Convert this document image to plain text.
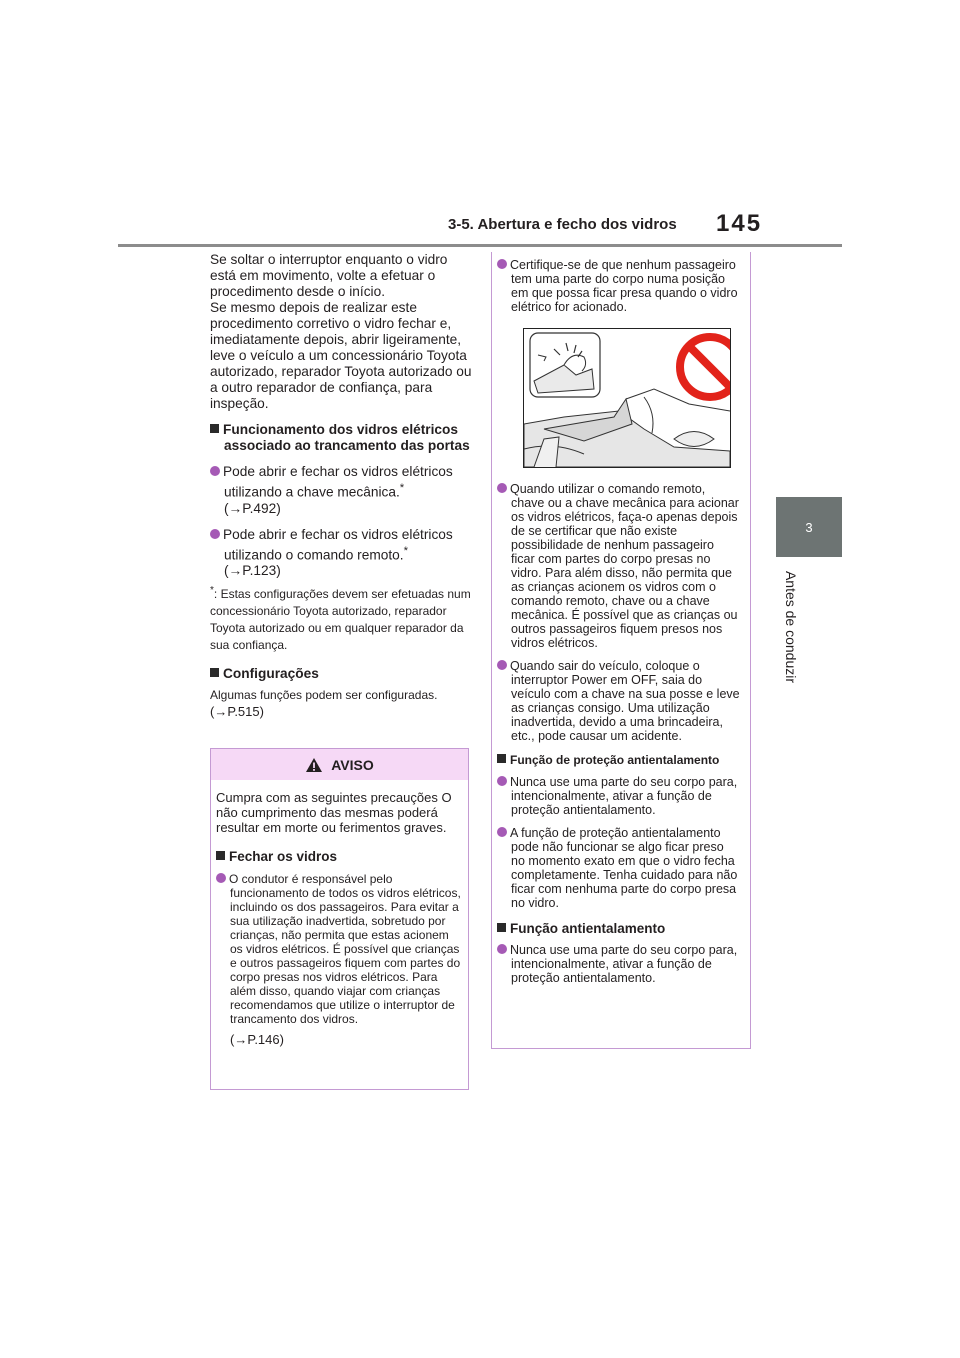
3-5. Abertura e fecho dos vidros 145
3
Antes de conduzir

Se soltar o interruptor enquanto o vidro está em movimento, volte a efetuar o procedimento desde o início.

Se mesmo depois de realizar este procedimento corretivo o vidro fechar e, imediatamente depois, abrir ligeiramente, leve o veículo a um concessionário Toyota autorizado, reparador Toyota autorizado ou a outro reparador de confiança, para inspeção.

Funcionamento dos vidros elétricos associado ao trancamento das portas

Pode abrir e fechar os vidros elétricos utilizando a chave mecânica.*
(→P.492)

Pode abrir e fechar os vidros elétricos utilizando o comando remoto.*
(→P.123)

*: Estas configurações devem ser efetuadas num concessionário Toyota autorizado, reparador Toyota autorizado ou em qualquer reparador da sua confiança.

Configurações

Algumas funções podem ser configuradas.

(→P.515)

AVISO

Cumpra com as seguintes precauções O não cumprimento das mesmas poderá resultar em morte ou ferimentos graves.

Fechar os vidros

O condutor é responsável pelo funcionamento de todos os vidros elétricos, incluindo os dos passageiros. Para evitar a sua utilização inadvertida, sobretudo por crianças, não permita que estas acionem os vidros elétricos. É possível que crianças e outros passageiros fiquem com partes do corpo presas nos vidros elétricos. Para além disso, quando viajar com crianças recomendamos que utilize o interruptor de trancamento dos vidros.

(→P.146)

Certifique-se de que nenhum passageiro tem uma parte do corpo numa posição em que possa ficar presa quando o vidro elétrico for acionado.

Quando utilizar o comando remoto, chave ou a chave mecânica para acionar os vidros elétricos, faça-o apenas depois de se certificar que não existe possibilidade de nenhum passageiro ficar com partes do corpo presas no vidro. Para além disso, não permita que as crianças acionem os vidros com o comando remoto, chave ou a chave mecânica. É possível que as crianças ou outros passageiros fiquem presos nos vidros elétricos.

Quando sair do veículo, coloque o interruptor Power em OFF, saia do veículo com a chave na sua posse e leve as crianças consigo. Uma utilização inadvertida, devido a uma brincadeira, etc., pode causar um acidente.

Função de proteção antientalamento

Nunca use uma parte do seu corpo para, intencionalmente, ativar a função de proteção antientalamento.

A função de proteção antientalamento pode não funcionar se algo ficar preso no momento exato em que o vidro fecha completamente. Tenha cuidado para não ficar com nenhuma parte do corpo presa no vidro.

Função antientalamento

Nunca use uma parte do seu corpo para, intencionalmente, ativar a função de proteção antientalamento.
